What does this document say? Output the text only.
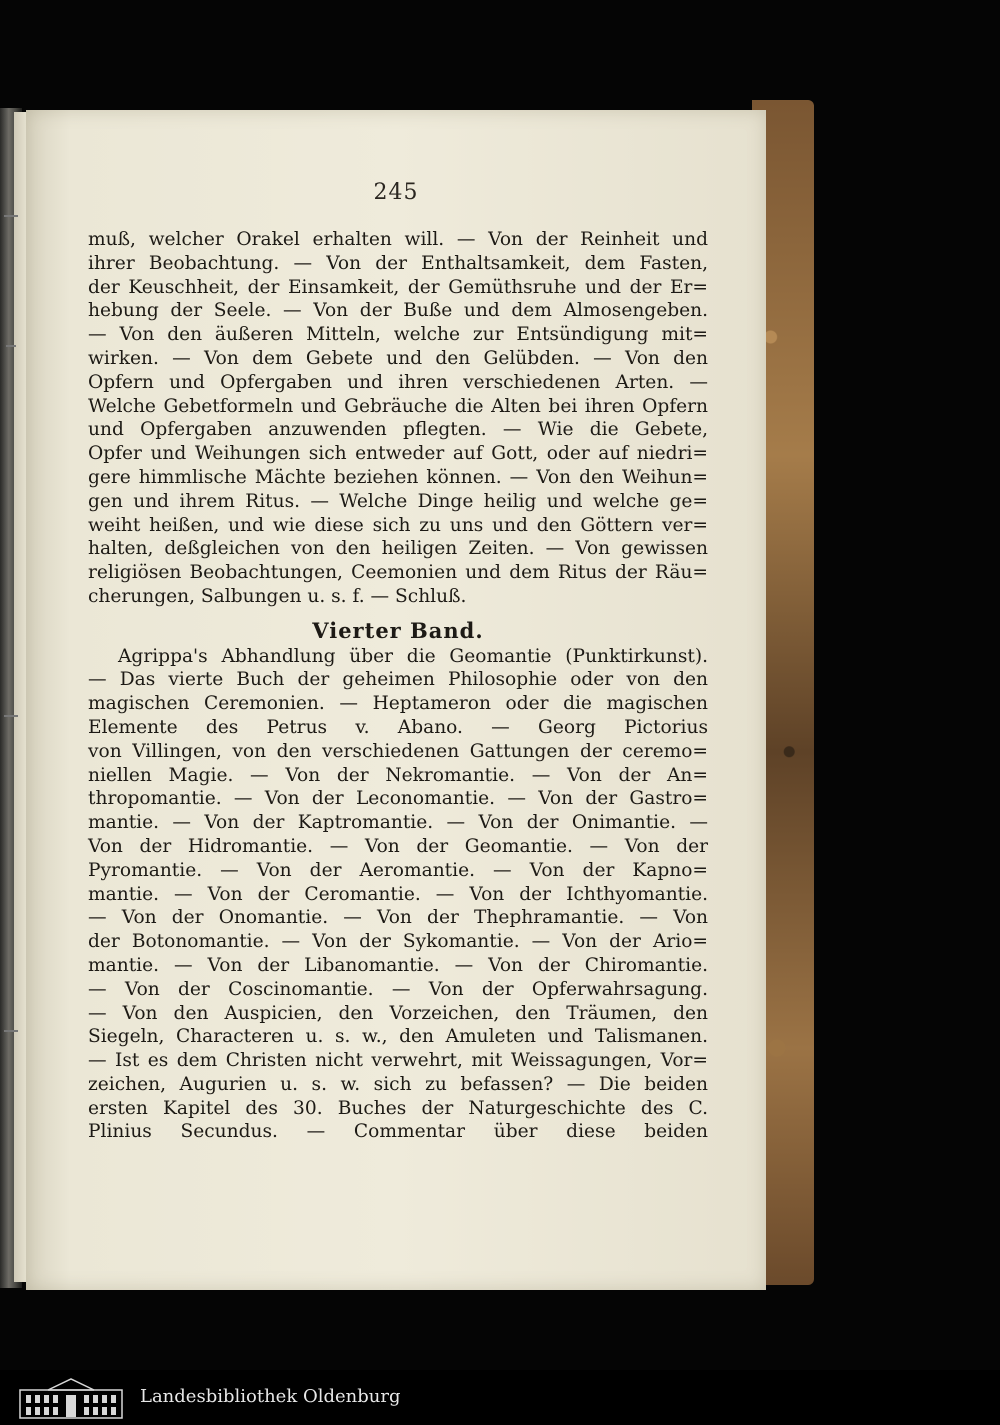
245
muß, welcher Orakel erhalten will. — Von der Reinheit und
ihrer Beobachtung. — Von der Enthaltsamkeit, dem Fasten,
der Keuschheit, der Einsamkeit, der Gemüthsruhe und der Er=
hebung der Seele. — Von der Buße und dem Almosengeben.
— Von den äußeren Mitteln, welche zur Entsündigung mit=
wirken. — Von dem Gebete und den Gelübden. — Von den
Opfern und Opfergaben und ihren verschiedenen Arten. —
Welche Gebetformeln und Gebräuche die Alten bei ihren Opfern
und Opfergaben anzuwenden pflegten. — Wie die Gebete,
Opfer und Weihungen sich entweder auf Gott, oder auf niedri=
gere himmlische Mächte beziehen können. — Von den Weihun=
gen und ihrem Ritus. — Welche Dinge heilig und welche ge=
weiht heißen, und wie diese sich zu uns und den Göttern ver=
halten, deßgleichen von den heiligen Zeiten. — Von gewissen
religiösen Beobachtungen, Ceemonien und dem Ritus der Räu=
cherungen, Salbungen u. s. f. — Schluß.
Vierter Band.
Agrippa's Abhandlung über die Geomantie (Punktirkunst).
— Das vierte Buch der geheimen Philosophie oder von den
magischen Ceremonien. — Heptameron oder die magischen
Elemente des Petrus v. Abano. — Georg Pictorius
von Villingen, von den verschiedenen Gattungen der ceremo=
niellen Magie. — Von der Nekromantie. — Von der An=
thropomantie. — Von der Leconomantie. — Von der Gastro=
mantie. — Von der Kaptromantie. — Von der Onimantie. —
Von der Hidromantie. — Von der Geomantie. — Von der
Pyromantie. — Von der Aeromantie. — Von der Kapno=
mantie. — Von der Ceromantie. — Von der Ichthyomantie.
— Von der Onomantie. — Von der Thephramantie. — Von
der Botonomantie. — Von der Sykomantie. — Von der Ario=
mantie. — Von der Libanomantie. — Von der Chiromantie.
— Von der Coscinomantie. — Von der Opferwahrsagung.
— Von den Auspicien, den Vorzeichen, den Träumen, den
Siegeln, Characteren u. s. w., den Amuleten und Talismanen.
— Ist es dem Christen nicht verwehrt, mit Weissagungen, Vor=
zeichen, Augurien u. s. w. sich zu befassen? — Die beiden
ersten Kapitel des 30. Buches der Naturgeschichte des C.
Plinius Secundus. — Commentar über diese beiden
Landesbibliothek Oldenburg
